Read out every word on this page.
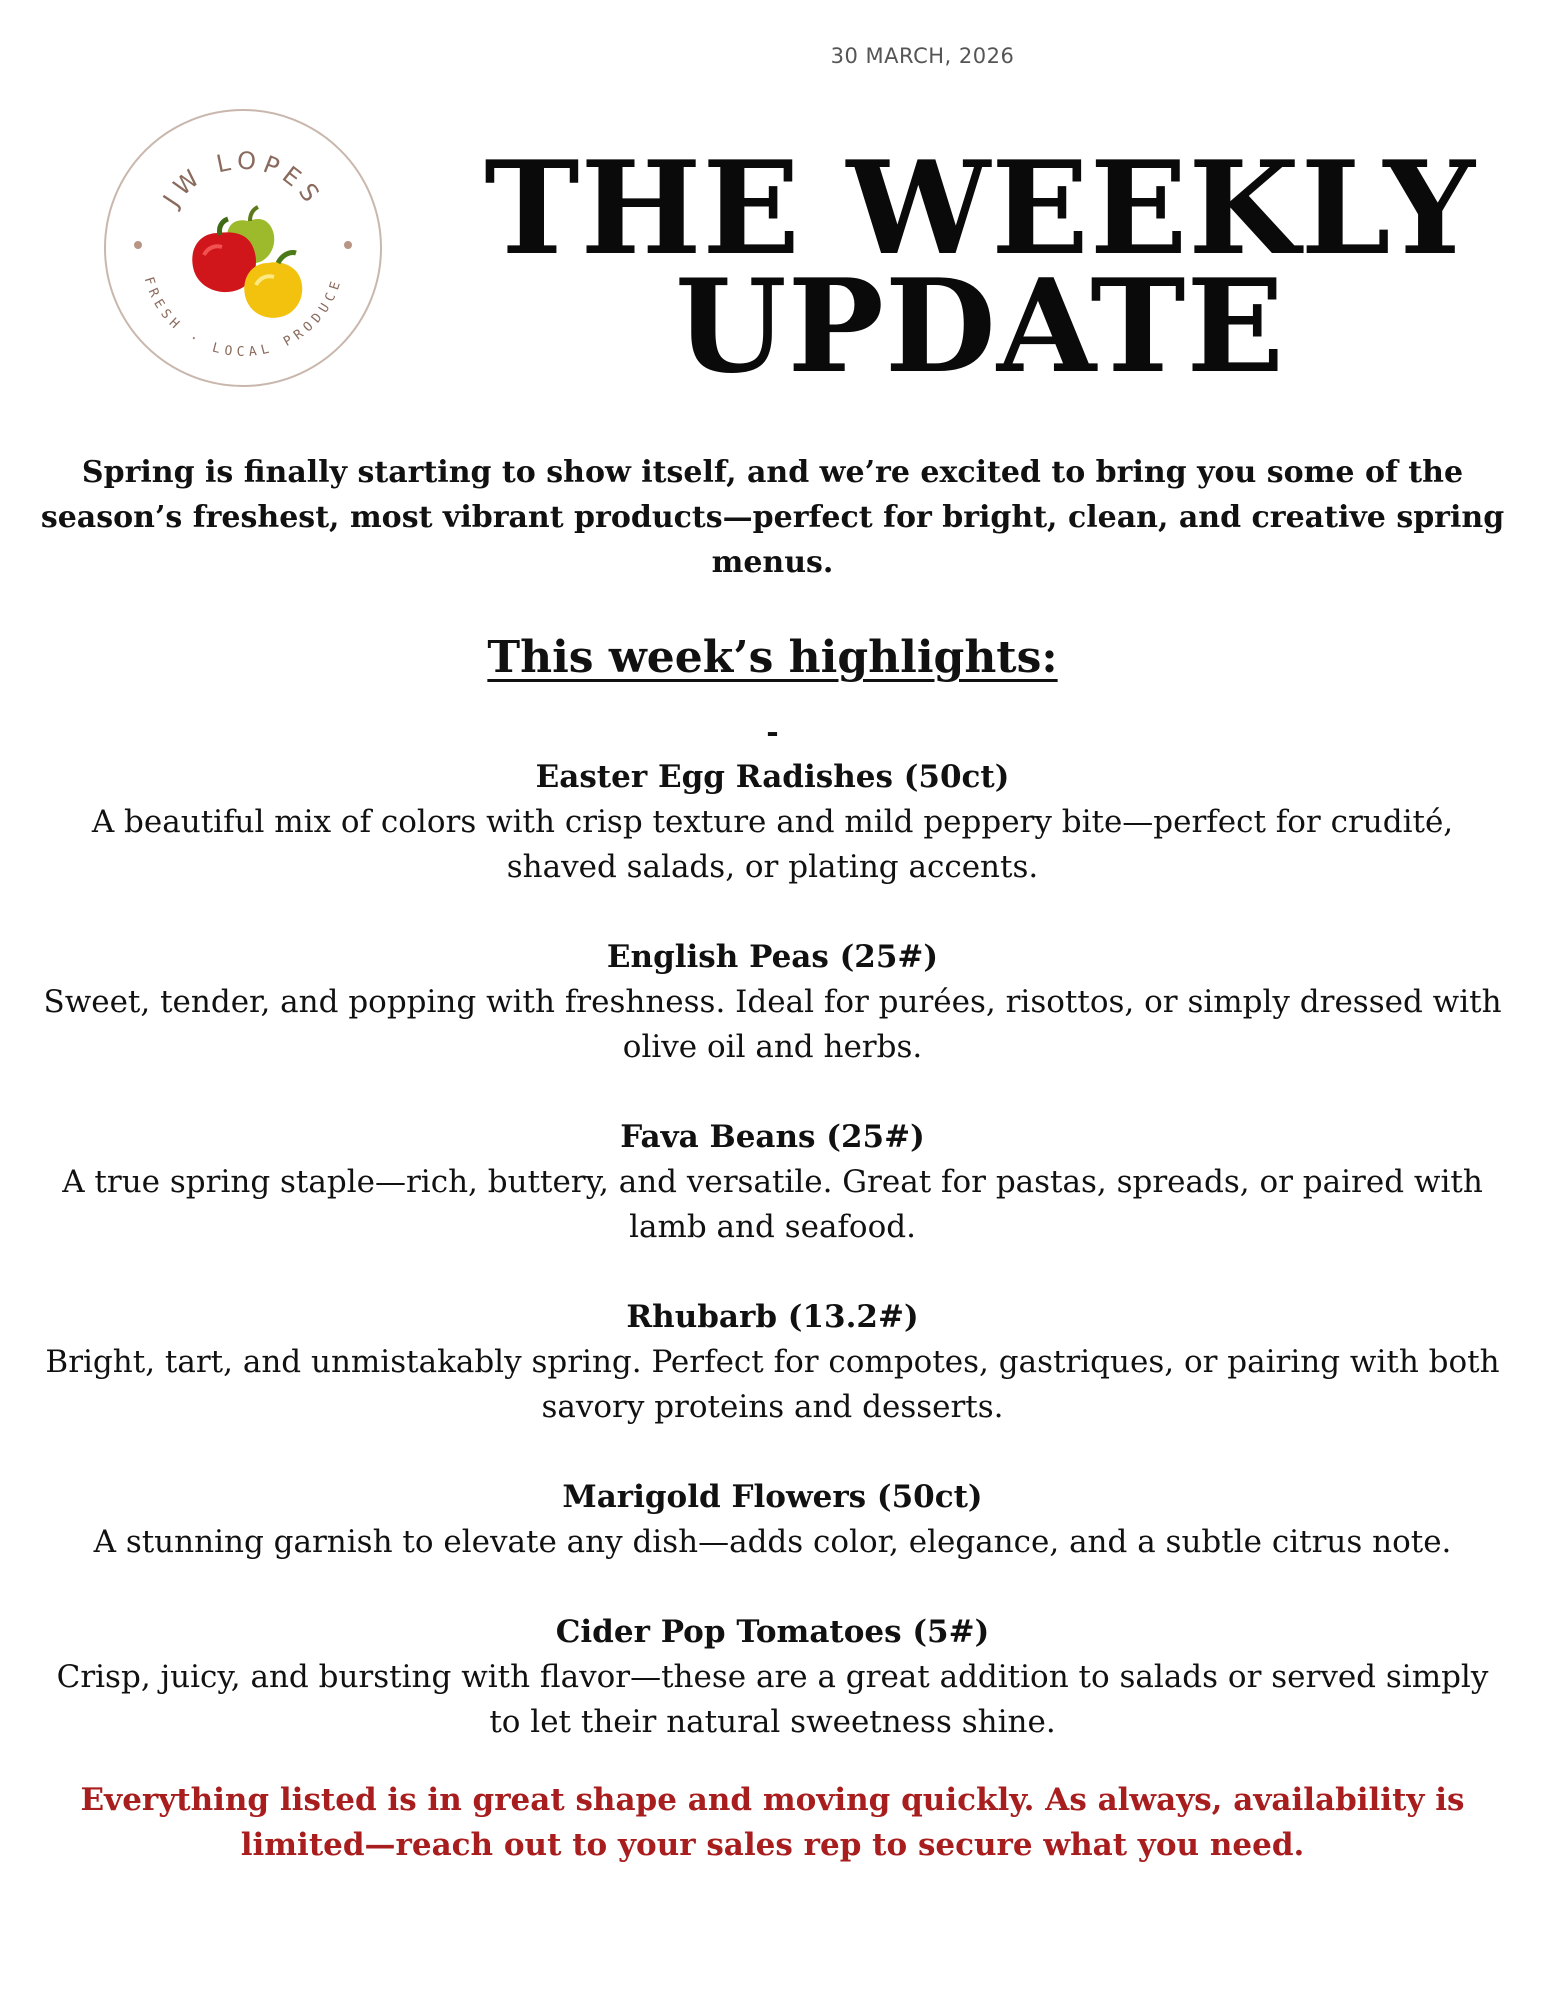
30 MARCH, 2026
JW LOPES
FRESH · LOCAL PRODUCE	THE WEEKLY
UPDATE

Spring is finally starting to show itself, and we’re excited to bring you some of the season’s freshest, most vibrant products—perfect for bright, clean, and creative spring menus.

This week’s highlights:
-

Easter Egg Radishes (50ct)

A beautiful mix of colors with crisp texture and mild peppery bite—perfect for crudité, shaved salads, or plating accents.

English Peas (25#)

Sweet, tender, and popping with freshness. Ideal for purées, risottos, or simply dressed with olive oil and herbs.

Fava Beans (25#)

A true spring staple—rich, buttery, and versatile. Great for pastas, spreads, or paired with lamb and seafood.

Rhubarb (13.2#)

Bright, tart, and unmistakably spring. Perfect for compotes, gastriques, or pairing with both savory proteins and desserts.

Marigold Flowers (50ct)

A stunning garnish to elevate any dish—adds color, elegance, and a subtle citrus note.

Cider Pop Tomatoes (5#)

Crisp, juicy, and bursting with flavor—these are a great addition to salads or served simply to let their natural sweetness shine.

Everything listed is in great shape and moving quickly. As always, availability is limited—reach out to your sales rep to secure what you need.
